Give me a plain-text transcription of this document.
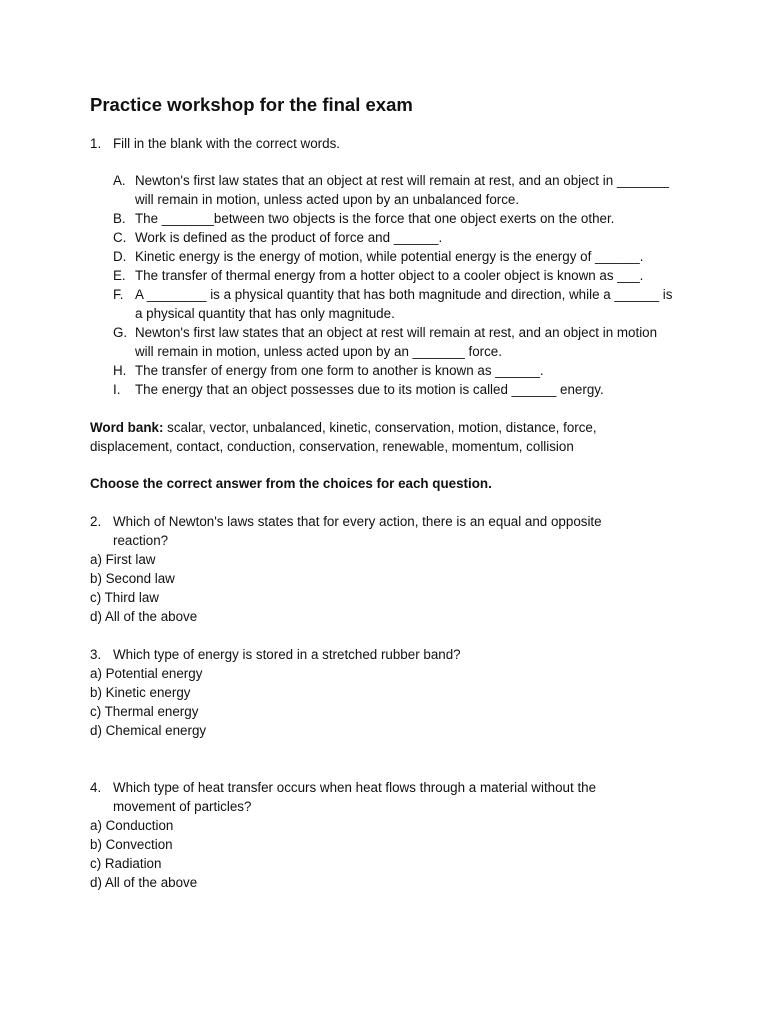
Practice workshop for the final exam
1. Fill in the blank with the correct words.
A. Newton's first law states that an object at rest will remain at rest, and an object in _______ will remain in motion, unless acted upon by an unbalanced force.
B. The _______between two objects is the force that one object exerts on the other.
C. Work is defined as the product of force and ______.
D. Kinetic energy is the energy of motion, while potential energy is the energy of ______.
E. The transfer of thermal energy from a hotter object to a cooler object is known as ___.
F. A ________ is a physical quantity that has both magnitude and direction, while a ______ is a physical quantity that has only magnitude.
G. Newton's first law states that an object at rest will remain at rest, and an object in motion will remain in motion, unless acted upon by an _______ force.
H. The transfer of energy from one form to another is known as ______.
I. The energy that an object possesses due to its motion is called ______ energy.
Word bank: scalar, vector, unbalanced, kinetic, conservation, motion, distance, force, displacement, contact, conduction, conservation, renewable, momentum, collision
Choose the correct answer from the choices for each question.
2. Which of Newton's laws states that for every action, there is an equal and opposite reaction?
a) First law
b) Second law
c) Third law
d) All of the above
3. Which type of energy is stored in a stretched rubber band?
a) Potential energy
b) Kinetic energy
c) Thermal energy
d) Chemical energy
4. Which type of heat transfer occurs when heat flows through a material without the movement of particles?
a) Conduction
b) Convection
c) Radiation
d) All of the above
